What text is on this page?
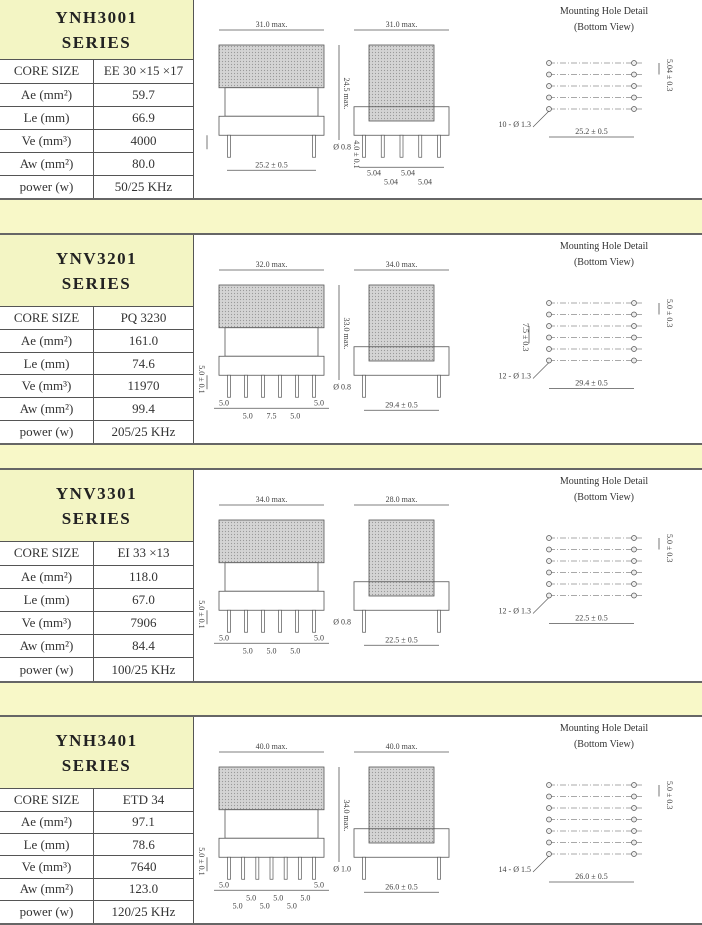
YNH3001
SERIES
CORE SIZE	EE 30 ×15 ×17
Ae (mm²)	59.7
Le (mm)	66.9
Ve (mm³)	4000
Aw (mm²)	80.0
power (w)	50/25 KHz
31.0 max.
24.5 max.
4.0 ± 0.1
25.2 ± 0.5
31.0 max.
Ø 0.8
5.04
5.04
5.04
5.04
Mounting Hole Detail
(Bottom View)
5.04 ± 0.3
10 - Ø 1.3
25.2 ± 0.5
YNV3201
SERIES
CORE SIZE	PQ 3230
Ae (mm²)	161.0
Le (mm)	74.6
Ve (mm³)	11970
Aw (mm²)	99.4
power (w)	205/25 KHz
32.0 max.
33.0 max.
5.0 ± 0.1
5.0
5.0 7.5 5.0
5.0
34.0 max.
Ø 0.8
29.4 ± 0.5
Mounting Hole Detail
(Bottom View)
5.0 ± 0.3
7.5 ± 0.3
12 - Ø 1.3
29.4 ± 0.5
YNV3301
SERIES
CORE SIZE	EI 33 ×13
Ae (mm²)	118.0
Le (mm)	67.0
Ve (mm³)	7906
Aw (mm²)	84.4
power (w)	100/25 KHz
34.0 max.
5.0 ± 0.1
5.0
5.0 5.0 5.0
5.0
28.0 max.
Ø 0.8
22.5 ± 0.5
Mounting Hole Detail
(Bottom View)
5.0 ± 0.3
12 - Ø 1.3
22.5 ± 0.5
YNH3401
SERIES
CORE SIZE	ETD 34
Ae (mm²)	97.1
Le (mm)	78.6
Ve (mm³)	7640
Aw (mm²)	123.0
power (w)	120/25 KHz
40.0 max.
34.0 max.
5.0 ± 0.1
5.0
5.0
5.0
5.0
5.0
5.0
5.0
5.0
40.0 max.
Ø 1.0
26.0 ± 0.5
Mounting Hole Detail
(Bottom View)
5.0 ± 0.3
14 - Ø 1.5
26.0 ± 0.5
